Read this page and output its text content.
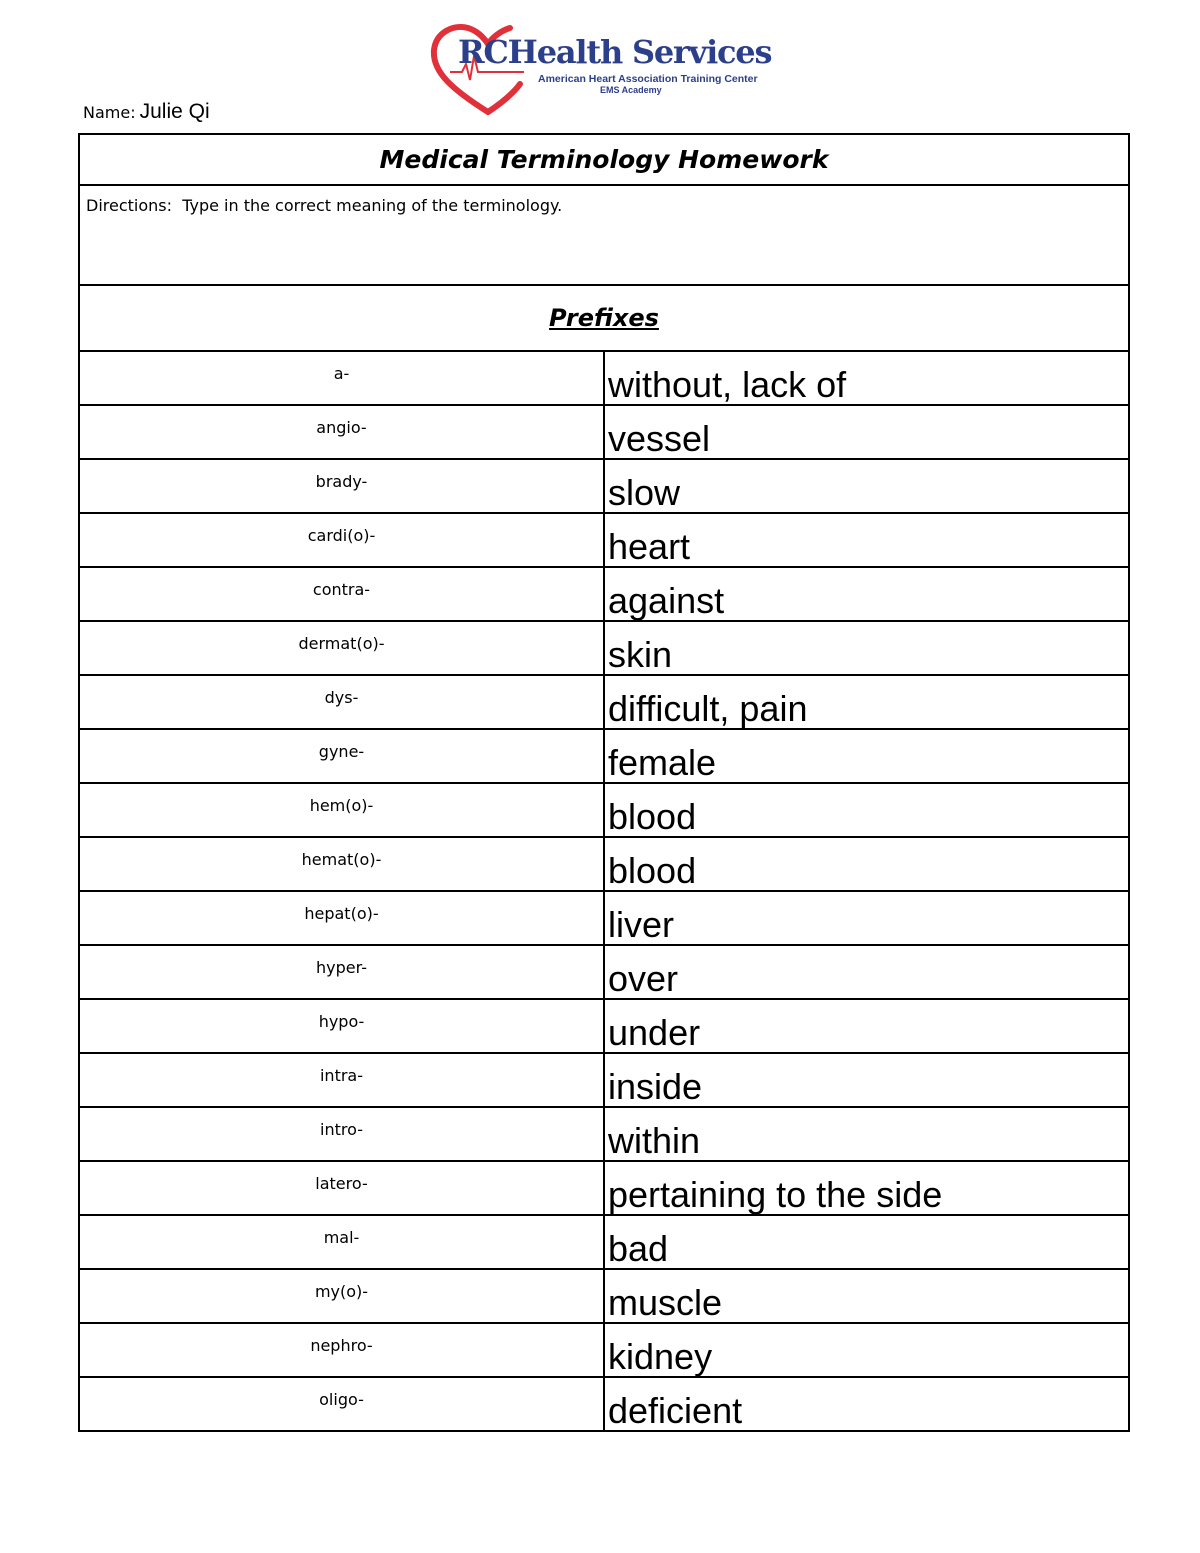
RCHealth Services
American Heart Association Training Center
EMS Academy
Name: Julie Qi
Medical Terminology Homework	
Directions: Type in the correct meaning of the terminology.	
Prefixes	
a-	without, lack of
angio-	vessel
brady-	slow
cardi(o)-	heart
contra-	against
dermat(o)-	skin
dys-	difficult, pain
gyne-	female
hem(o)-	blood
hemat(o)-	blood
hepat(o)-	liver
hyper-	over
hypo-	under
intra-	inside
intro-	within
latero-	pertaining to the side
mal-	bad
my(o)-	muscle
nephro-	kidney
oligo-	deficient
